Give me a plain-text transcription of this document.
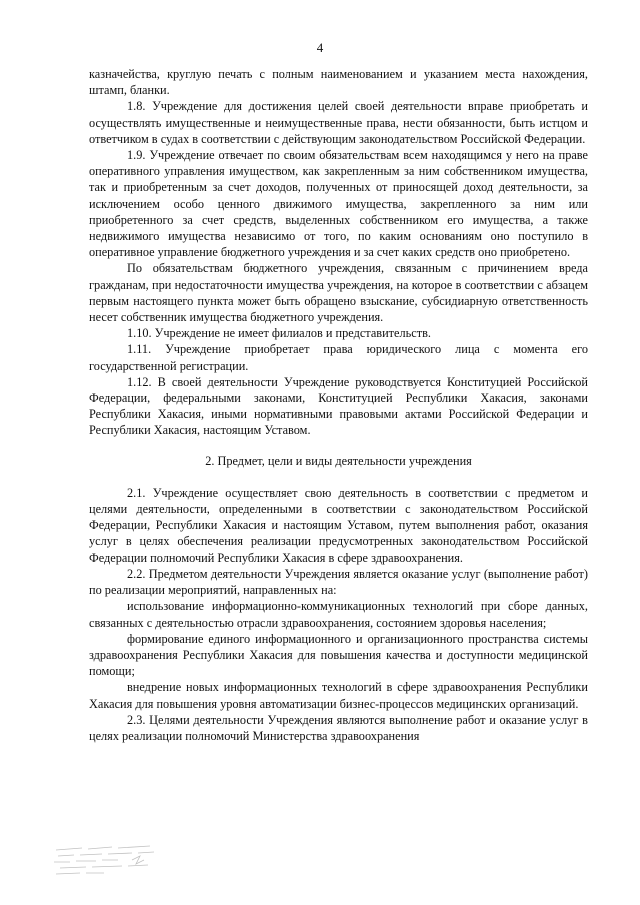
4

казначейства, круглую печать с полным наименованием и указанием места нахождения, штамп, бланки.

1.8. Учреждение для достижения целей своей деятельности вправе приобретать и осуществлять имущественные и неимущественные права, нести обязанности, быть истцом и ответчиком в судах в соответствии с действующим законодательством Российской Федерации.

1.9. Учреждение отвечает по своим обязательствам всем находящимся у него на праве оперативного управления имуществом, как закрепленным за ним собственником имущества, так и приобретенным за счет доходов, полученных от приносящей доход деятельности, за исключением особо ценного движимого имущества, закрепленного за ним или приобретенного за счет средств, выделенных собственником его имущества, а также недвижимого имущества независимо от того, по каким основаниям оно поступило в оперативное управление бюджетного учреждения и за счет каких средств оно приобретено.

По обязательствам бюджетного учреждения, связанным с причинением вреда гражданам, при недостаточности имущества учреждения, на которое в соответствии с абзацем первым настоящего пункта может быть обращено взыскание, субсидиарную ответственность несет собственник имущества бюджетного учреждения.

1.10. Учреждение не имеет филиалов и представительств.

1.11. Учреждение приобретает права юридического лица с момента его государственной регистрации.

1.12. В своей деятельности Учреждение руководствуется Конституцией Российской Федерации, федеральными законами, Конституцией Республики Хакасия, законами Республики Хакасия, иными нормативными правовыми актами Российской Федерации и Республики Хакасия, настоящим Уставом.

2. Предмет, цели и виды деятельности учреждения

2.1. Учреждение осуществляет свою деятельность в соответствии с предметом и целями деятельности, определенными в соответствии с законодательством Российской Федерации, Республики Хакасия и настоящим Уставом, путем выполнения работ, оказания услуг в целях обеспечения реализации предусмотренных законодательством Российской Федерации полномочий Республики Хакасия в сфере здравоохранения.

2.2. Предметом деятельности Учреждения является оказание услуг (выполнение работ) по реализации мероприятий, направленных на:

использование информационно-коммуникационных технологий при сборе данных, связанных с деятельностью отрасли здравоохранения, состоянием здоровья населения;

формирование единого информационного и организационного пространства системы здравоохранения Республики Хакасия для повышения качества и доступности медицинской помощи;

внедрение новых информационных технологий в сфере здравоохранения Республики Хакасия для повышения уровня автоматизации бизнес-процессов медицинских организаций.

2.3. Целями деятельности Учреждения являются выполнение работ и оказание услуг в целях реализации полномочий Министерства здравоохранения
